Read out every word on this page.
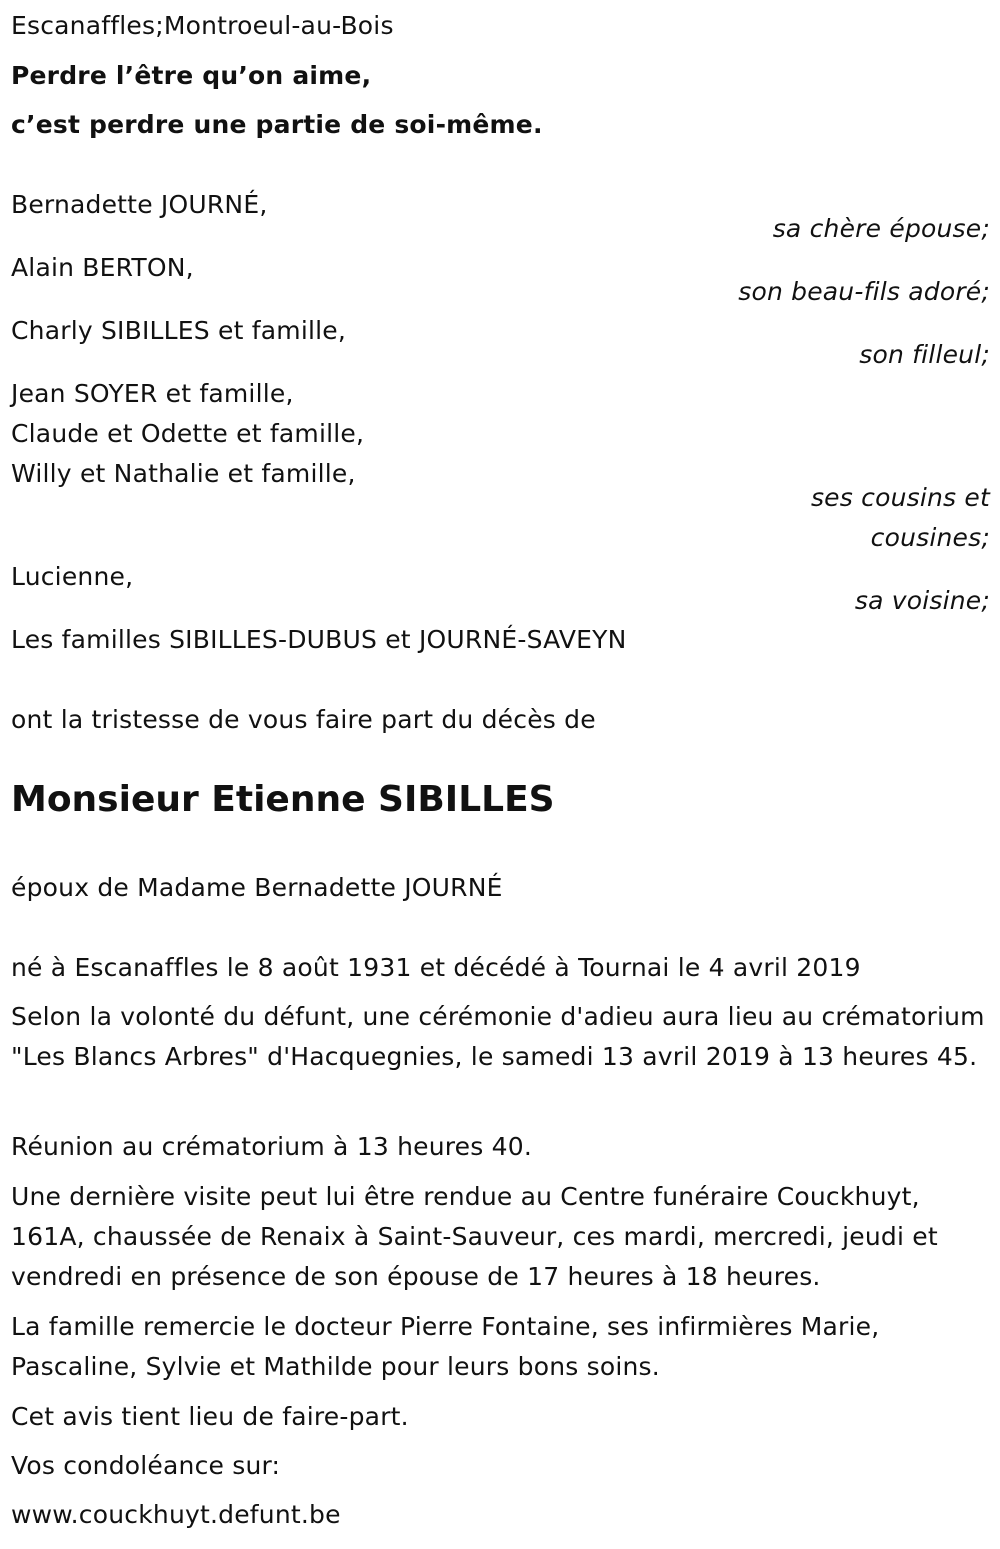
Escanaffles;Montroeul-au-Bois
Perdre l’être qu’on aime,
c’est perdre une partie de soi-même.
Bernadette JOURNÉ,
sa chère épouse;
Alain BERTON,
son beau-fils adoré;
Charly SIBILLES et famille,
son filleul;
Jean SOYER et famille,
Claude et Odette et famille,
Willy et Nathalie et famille,
ses cousins et
cousines;
Lucienne,
sa voisine;
Les familles SIBILLES-DUBUS et JOURNÉ-SAVEYN
ont la tristesse de vous faire part du décès de
Monsieur Etienne SIBILLES
époux de Madame Bernadette JOURNÉ
né à Escanaffles le 8 août 1931 et décédé à Tournai le 4 avril 2019
Selon la volonté du défunt, une cérémonie d'adieu aura lieu au crématorium "Les Blancs Arbres" d'Hacquegnies, le samedi 13 avril 2019 à 13 heures 45.
Réunion au crématorium à 13 heures 40.
Une dernière visite peut lui être rendue au Centre funéraire Couckhuyt, 161A, chaussée de Renaix à Saint-Sauveur, ces mardi, mercredi, jeudi et vendredi en présence de son épouse de 17 heures à 18 heures.
La famille remercie le docteur Pierre Fontaine, ses infirmières Marie, Pascaline, Sylvie et Mathilde pour leurs bons soins.
Cet avis tient lieu de faire-part.
Vos condoléance sur:
www.couckhuyt.defunt.be
